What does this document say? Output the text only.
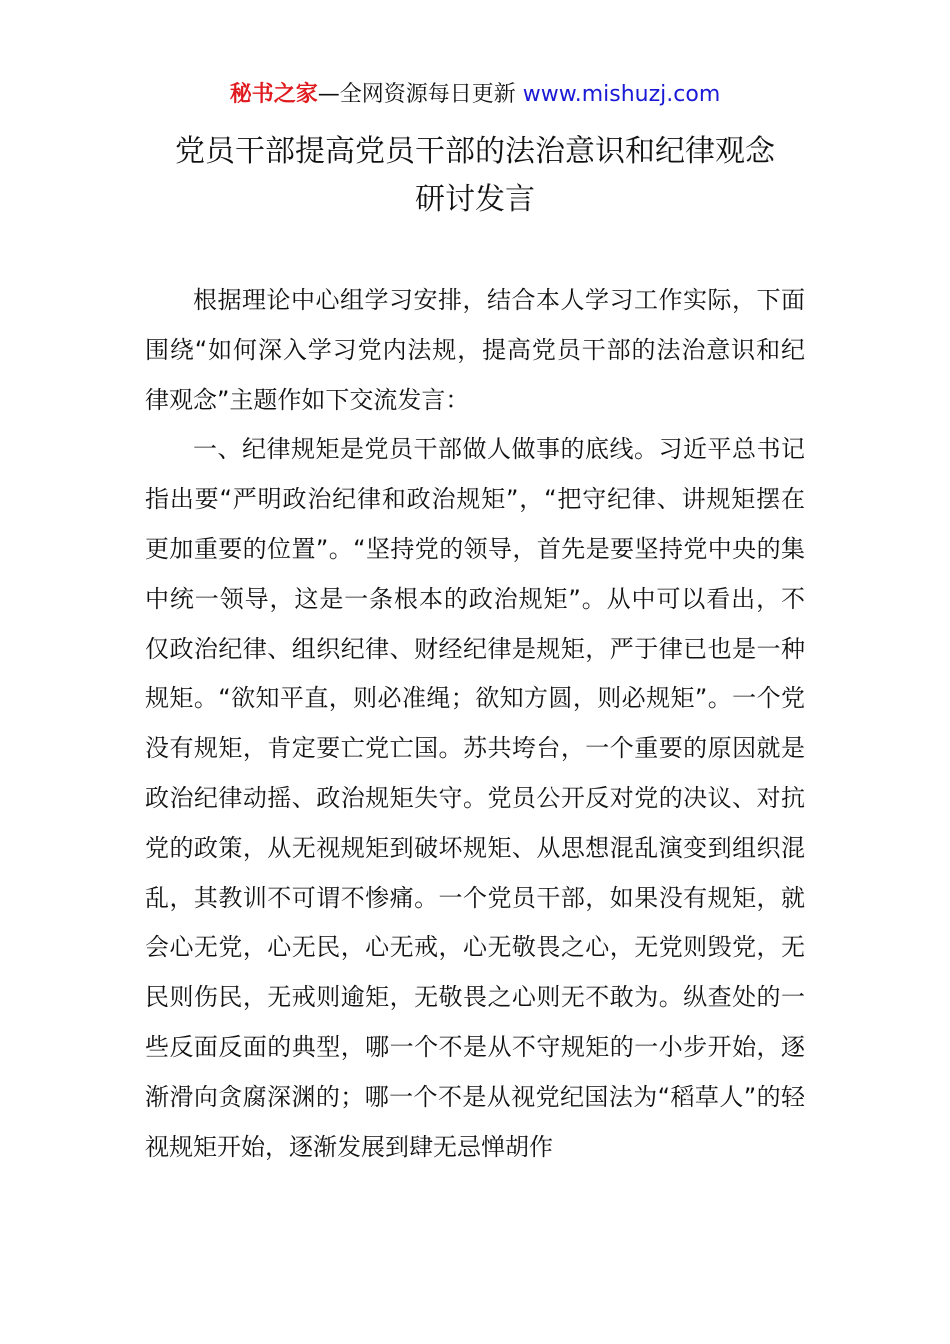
秘书之家—全网资源每日更新 www.mishuzj.com
党员干部提高党员干部的法治意识和纪律观念
研讨发言

根据理论中心组学习安排，结合本人学习工作实际，下面围绕“如何深入学习党内法规，提高党员干部的法治意识和纪律观念”主题作如下交流发言：

一、纪律规矩是党员干部做人做事的底线。习近平总书记指出要“严明政治纪律和政治规矩”，“把守纪律、讲规矩摆在更加重要的位置”。“坚持党的领导，首先是要坚持党中央的集中统一领导，这是一条根本的政治规矩”。从中可以看出，不仅政治纪律、组织纪律、财经纪律是规矩，严于律已也是一种规矩。“欲知平直，则必准绳；欲知方圆，则必规矩”。一个党没有规矩，肯定要亡党亡国。苏共垮台，一个重要的原因就是政治纪律动摇、政治规矩失守。党员公开反对党的决议、对抗党的政策，从无视规矩到破坏规矩、从思想混乱演变到组织混乱，其教训不可谓不惨痛。一个党员干部，如果没有规矩，就会心无党，心无民，心无戒，心无敬畏之心，无党则毁党，无民则伤民，无戒则逾矩，无敬畏之心则无不敢为。纵查处的一些反面反面的典型，哪一个不是从不守规矩的一小步开始，逐渐滑向贪腐深渊的；哪一个不是从视党纪国法为“稻草人”的轻视规矩开始，逐渐发展到肆无忌惮胡作
